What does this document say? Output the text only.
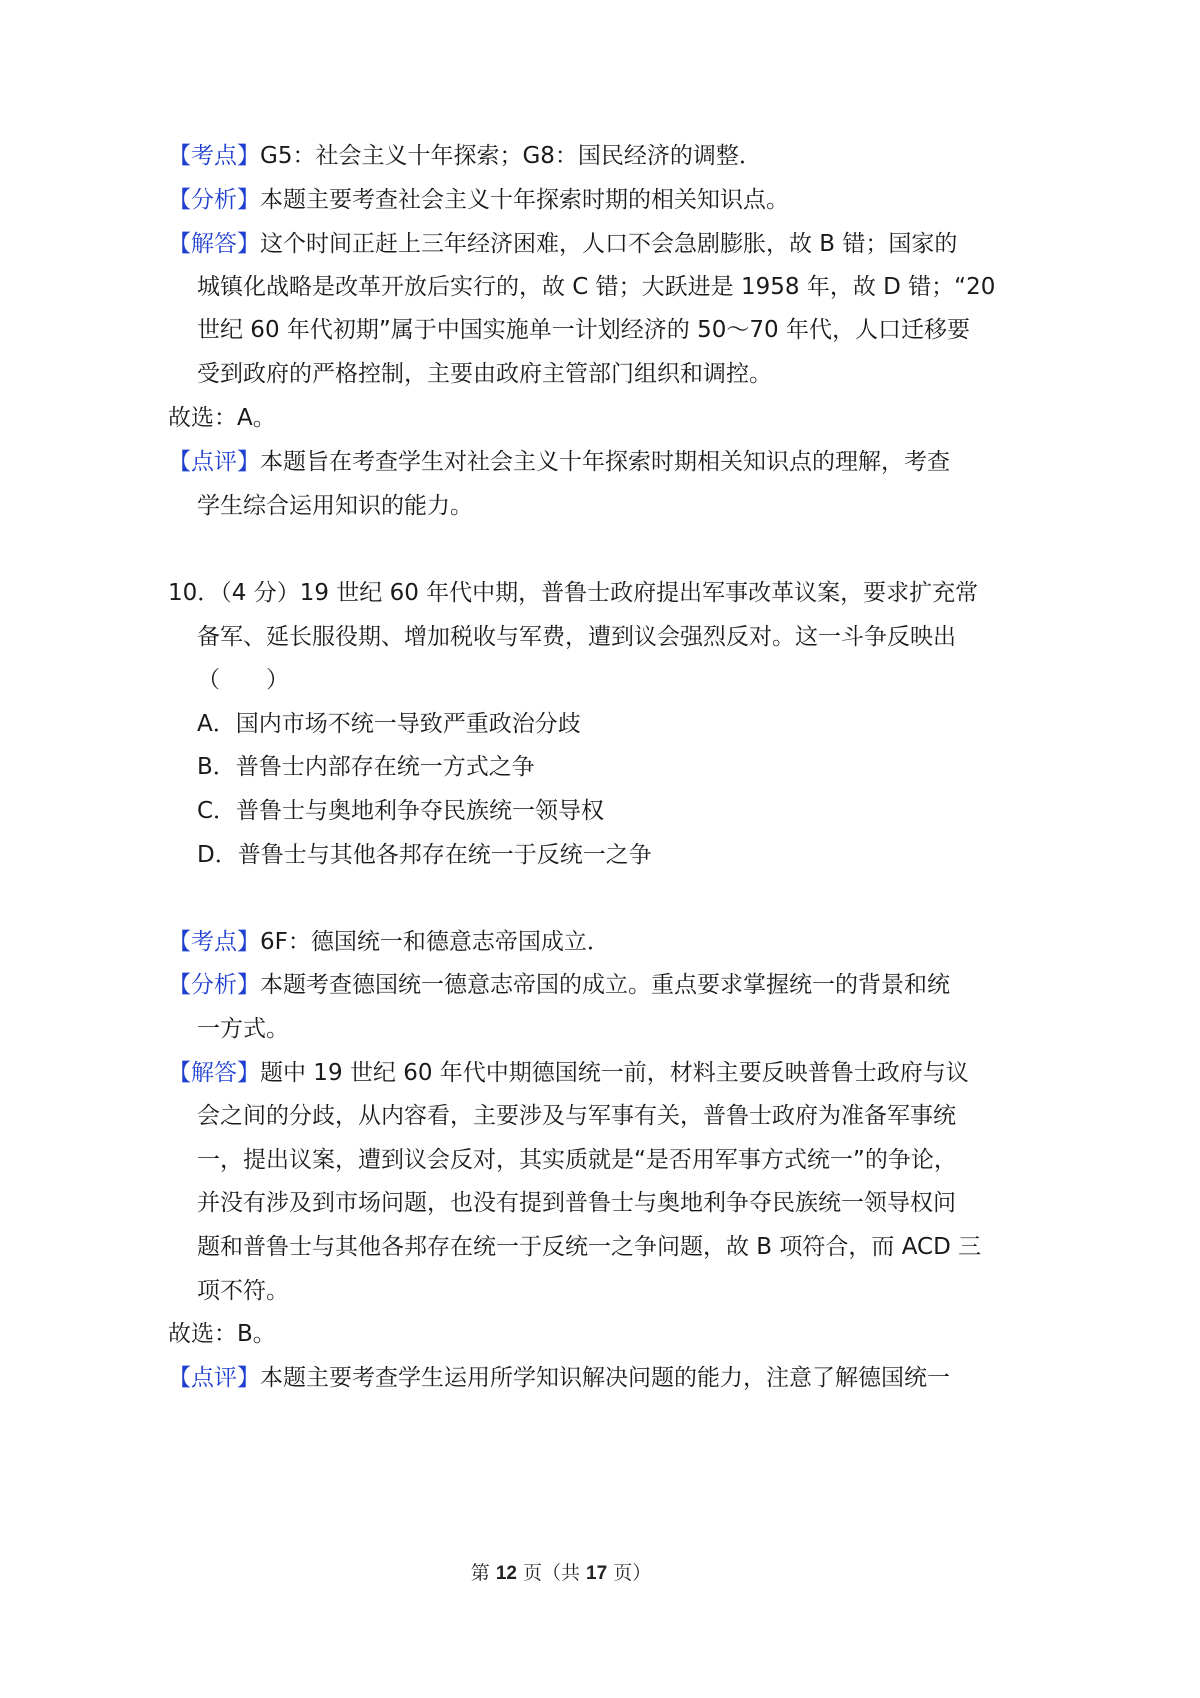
【考点】G5：社会主义十年探索；G8：国民经济的调整．
【分析】本题主要考查社会主义十年探索时期的相关知识点。
【解答】这个时间正赶上三年经济困难，人口不会急剧膨胀，故 B 错；国家的
城镇化战略是改革开放后实行的，故 C 错；大跃进是 1958 年，故 D 错；“20
世纪 60 年代初期”属于中国实施单一计划经济的 50～70 年代，人口迁移要
受到政府的严格控制，主要由政府主管部门组织和调控。
故选：A。
【点评】本题旨在考查学生对社会主义十年探索时期相关知识点的理解，考查
学生综合运用知识的能力。
10．（4 分）19 世纪 60 年代中期，普鲁士政府提出军事改革议案，要求扩充常
备军、延长服役期、增加税收与军费，遭到议会强烈反对。这一斗争反映出
（　　）
A．国内市场不统一导致严重政治分歧
B．普鲁士内部存在统一方式之争
C．普鲁士与奥地利争夺民族统一领导权
D．普鲁士与其他各邦存在统一于反统一之争
【考点】6F：德国统一和德意志帝国成立．
【分析】本题考查德国统一德意志帝国的成立。重点要求掌握统一的背景和统
一方式。
【解答】题中 19 世纪 60 年代中期德国统一前，材料主要反映普鲁士政府与议
会之间的分歧，从内容看，主要涉及与军事有关，普鲁士政府为准备军事统
一，提出议案，遭到议会反对，其实质就是“是否用军事方式统一”的争论，
并没有涉及到市场问题，也没有提到普鲁士与奥地利争夺民族统一领导权问
题和普鲁士与其他各邦存在统一于反统一之争问题，故 B 项符合，而 ACD 三
项不符。
故选：B。
【点评】本题主要考查学生运用所学知识解决问题的能力，注意了解德国统一
第 12 页（共 17 页）
